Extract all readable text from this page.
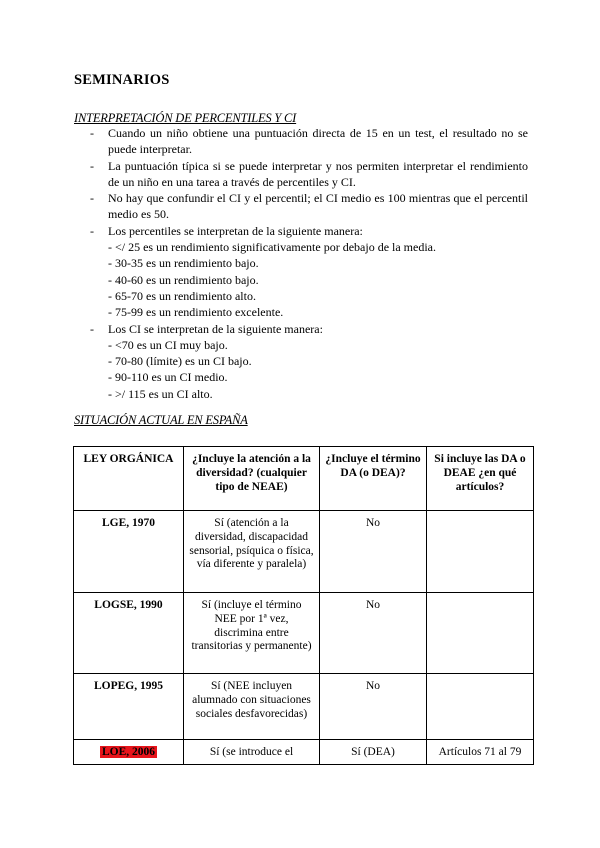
SEMINARIOS
INTERPRETACIÓN DE PERCENTILES Y CI
- Cuando un niño obtiene una puntuación directa de 15 en un test, el resultado no se puede interpretar.
- La puntuación típica si se puede interpretar y nos permiten interpretar el rendimiento de un niño en una tarea a través de percentiles y CI.
- No hay que confundir el CI y el percentil; el CI medio es 100 mientras que el percentil medio es 50.
- Los percentiles se interpretan de la siguiente manera:
- </ 25 es un rendimiento significativamente por debajo de la media.
- 30-35 es un rendimiento bajo.
- 40-60 es un rendimiento bajo.
- 65-70 es un rendimiento alto.
- 75-99 es un rendimiento excelente.
- Los CI se interpretan de la siguiente manera:
- <70 es un CI muy bajo.
- 70-80 (límite) es un CI bajo.
- 90-110 es un CI medio.
- >/ 115 es un CI alto.
SITUACIÓN ACTUAL EN ESPAÑA
LEY ORGÁNICA	¿Incluye la atención a la diversidad? (cualquier tipo de NEAE)	¿Incluye el término DA (o DEA)?	Si incluye las DA o DEAE ¿en qué artículos?
LGE, 1970	Sí (atención a la diversidad, discapacidad sensorial, psíquica o física, vía diferente y paralela)	No	
LOGSE, 1990	Sí (incluye el término NEE por 1ª vez, discrimina entre transitorias y permanente)	No	
LOPEG, 1995	Sí (NEE incluyen alumnado con situaciones sociales desfavorecidas)	No	
LOE, 2006	Sí (se introduce el	Sí (DEA)	Artículos 71 al 79
